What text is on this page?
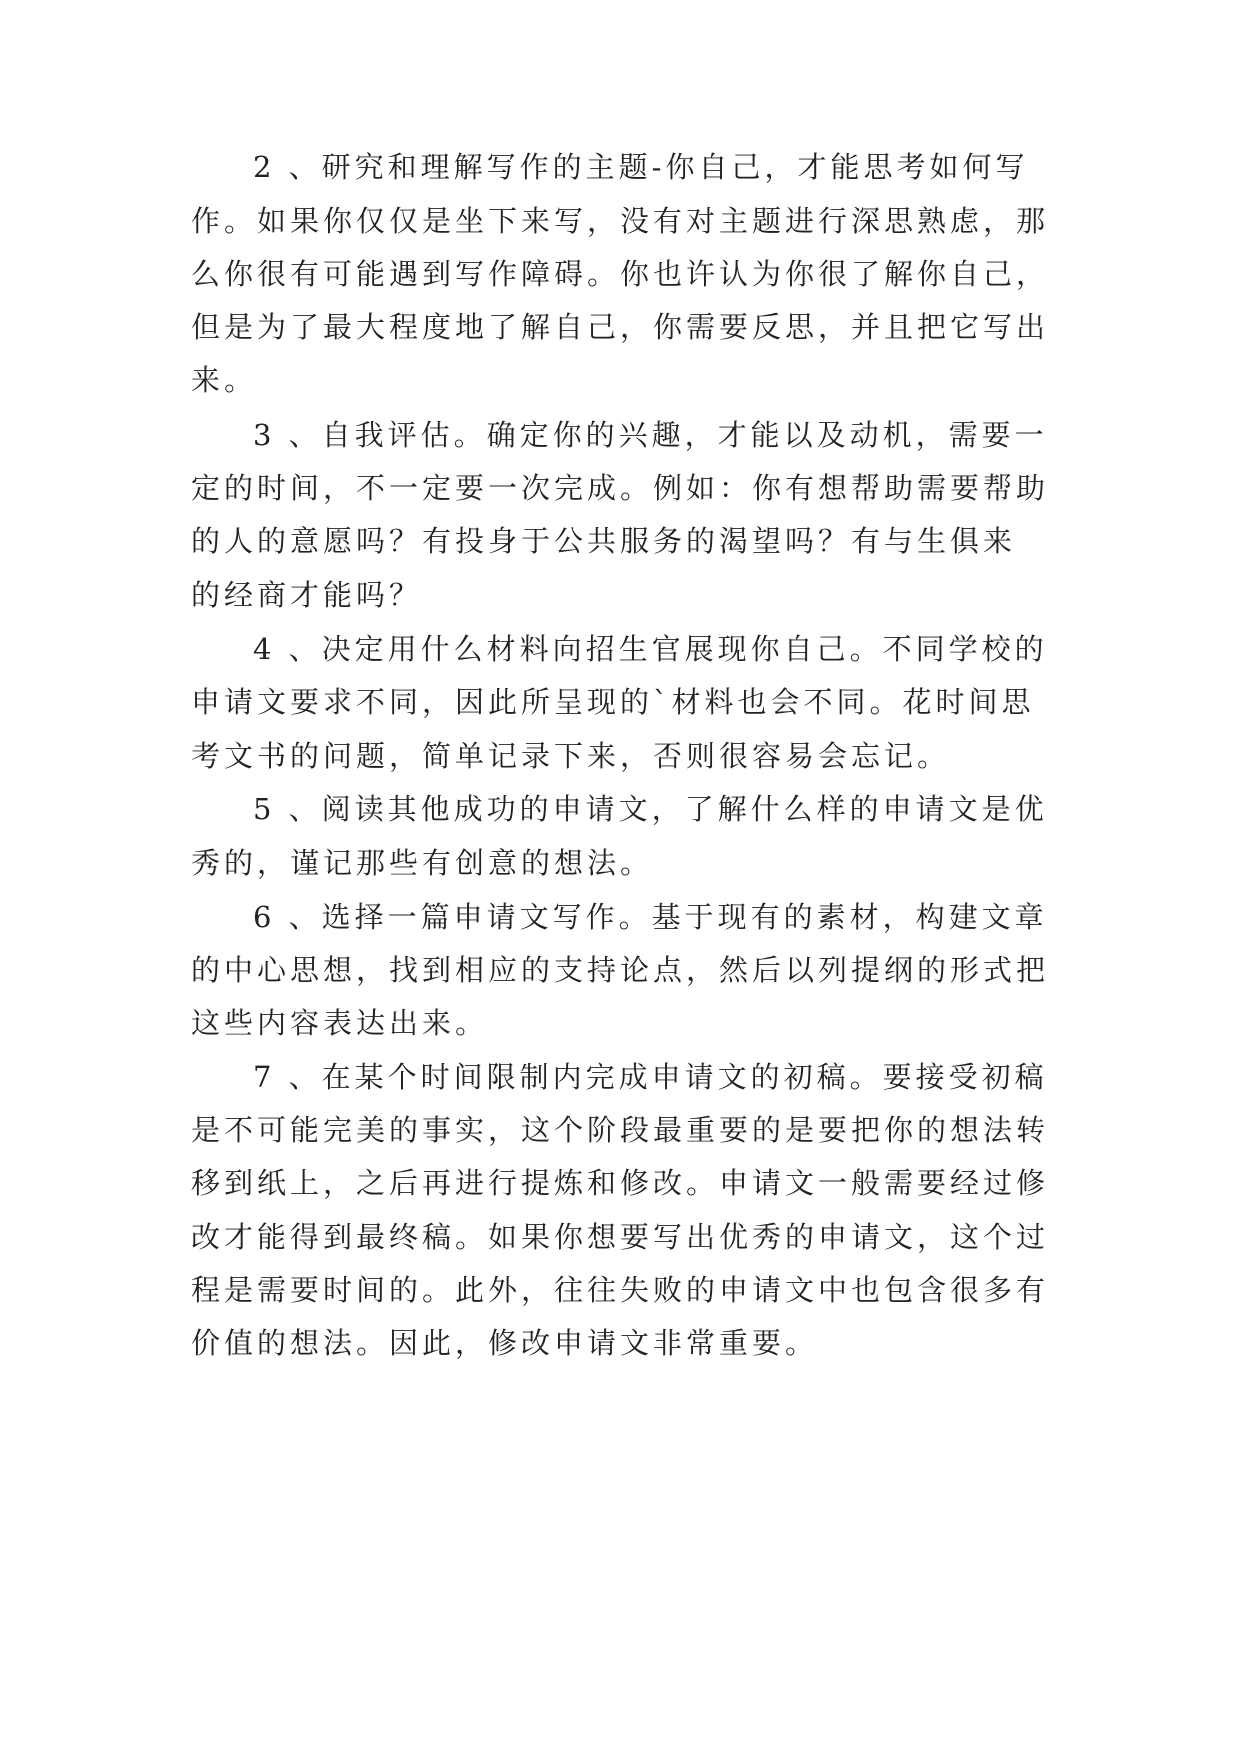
2 、研究和理解写作的主题-你自己，才能思考如何写
作。如果你仅仅是坐下来写，没有对主题进行深思熟虑，那
么你很有可能遇到写作障碍。你也许认为你很了解你自己，
但是为了最大程度地了解自己，你需要反思，并且把它写出
来。
3 、自我评估。确定你的兴趣，才能以及动机，需要一
定的时间，不一定要一次完成。例如：你有想帮助需要帮助
的人的意愿吗？有投身于公共服务的渴望吗？有与生俱来
的经商才能吗？
4 、决定用什么材料向招生官展现你自己。不同学校的
申请文要求不同，因此所呈现的`材料也会不同。花时间思
考文书的问题，简单记录下来，否则很容易会忘记。
5 、阅读其他成功的申请文，了解什么样的申请文是优
秀的，谨记那些有创意的想法。
6 、选择一篇申请文写作。基于现有的素材，构建文章
的中心思想，找到相应的支持论点，然后以列提纲的形式把
这些内容表达出来。
7 、在某个时间限制内完成申请文的初稿。要接受初稿
是不可能完美的事实，这个阶段最重要的是要把你的想法转
移到纸上，之后再进行提炼和修改。申请文一般需要经过修
改才能得到最终稿。如果你想要写出优秀的申请文，这个过
程是需要时间的。此外，往往失败的申请文中也包含很多有
价值的想法。因此，修改申请文非常重要。
